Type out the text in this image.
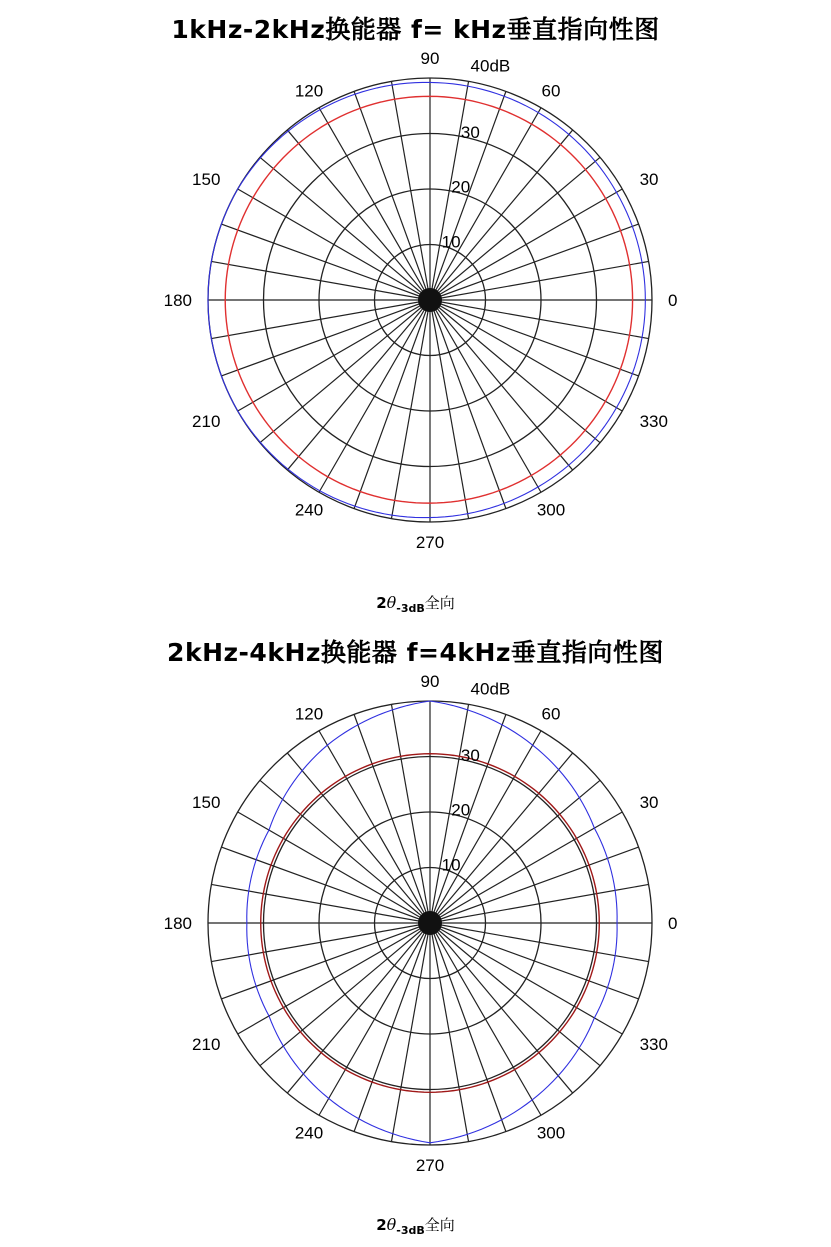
1kHz-2kHz换能器 f= kHz垂直指向性图
0
30
60
90
120
150
180
210
240
270
300
330
10
20
30
40dB
$2\theta_{-3dB}$全向
2kHz-4kHz换能器 f=4kHz垂直指向性图
0
30
60
90
120
150
180
210
240
270
300
330
10
20
30
40dB
$2\theta_{-3dB}$全向
